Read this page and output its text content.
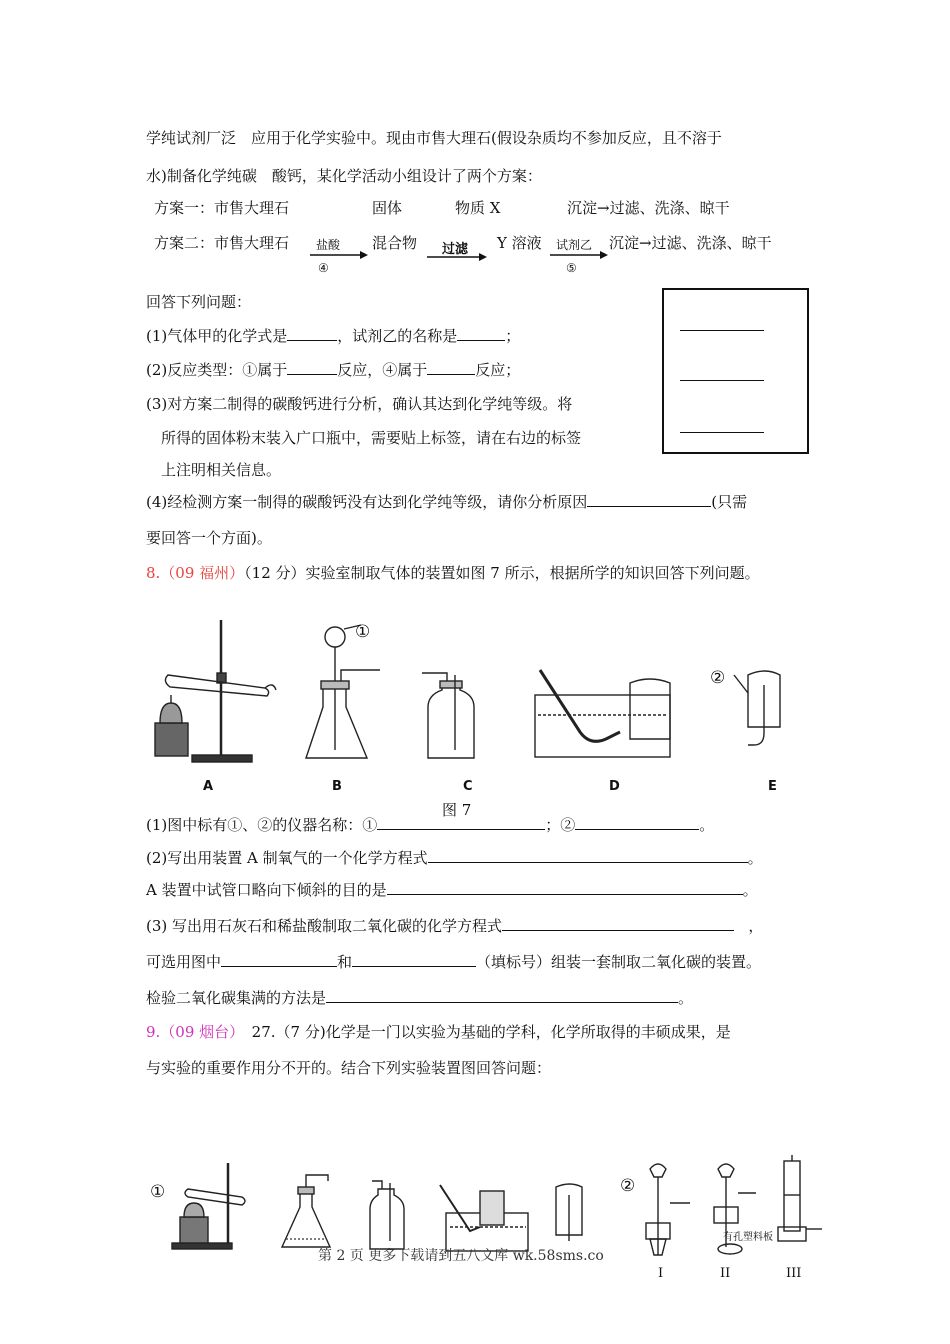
学纯试剂厂泛　应用于化学实验中。现由市售大理石(假设杂质均不参加反应，且不溶于
水)制备化学纯碳　酸钙，某化学活动小组设计了两个方案：
方案一：市售大理石	固体	物质 X	沉淀→过滤、洗涤、晾干
方案二：市售大理石 盐酸
④
混合物 过滤 Y 溶液 试剂乙
⑤
沉淀→过滤、洗涤、晾干
回答下列问题：
(1)气体甲的化学式是	，试剂乙的名称是	；
(2)反应类型：①属于	反应，④属于	反应；
(3)对方案二制得的碳酸钙进行分析，确认其达到化学纯等级。将
所得的固体粉末装入广口瓶中，需要贴上标签，请在右边的标签
上注明相关信息。
(4)经检测方案一制得的碳酸钙没有达到化学纯等级，请你分析原因	(只需
要回答一个方面)。
8.（09 福州）（12 分）实验室制取气体的装置如图 7 所示，根据所学的知识回答下列问题。
①
②
A	B	C	D	E
图 7
(1)图中标有①、②的仪器名称：①	；②	。
(2)写出用装置 A 制氧气的一个化学方程式	。
A 装置中试管口略向下倾斜的目的是	。
(3) 写出用石灰石和稀盐酸制取二氧化碳的化学方程式	，
可选用图中	和	（填标号）组装一套制取二氧化碳的装置。
检验二氧化碳集满的方法是	。
9.（09 烟台）　27.（7 分)化学是一门以实验为基础的学科，化学所取得的丰硕成果，是
与实验的重要作用分不开的。结合下列实验装置图回答问题：
①	②
有孔塑料板
I	II	III
第 2 页 更多下载请到五八文库 wk.58sms.co
